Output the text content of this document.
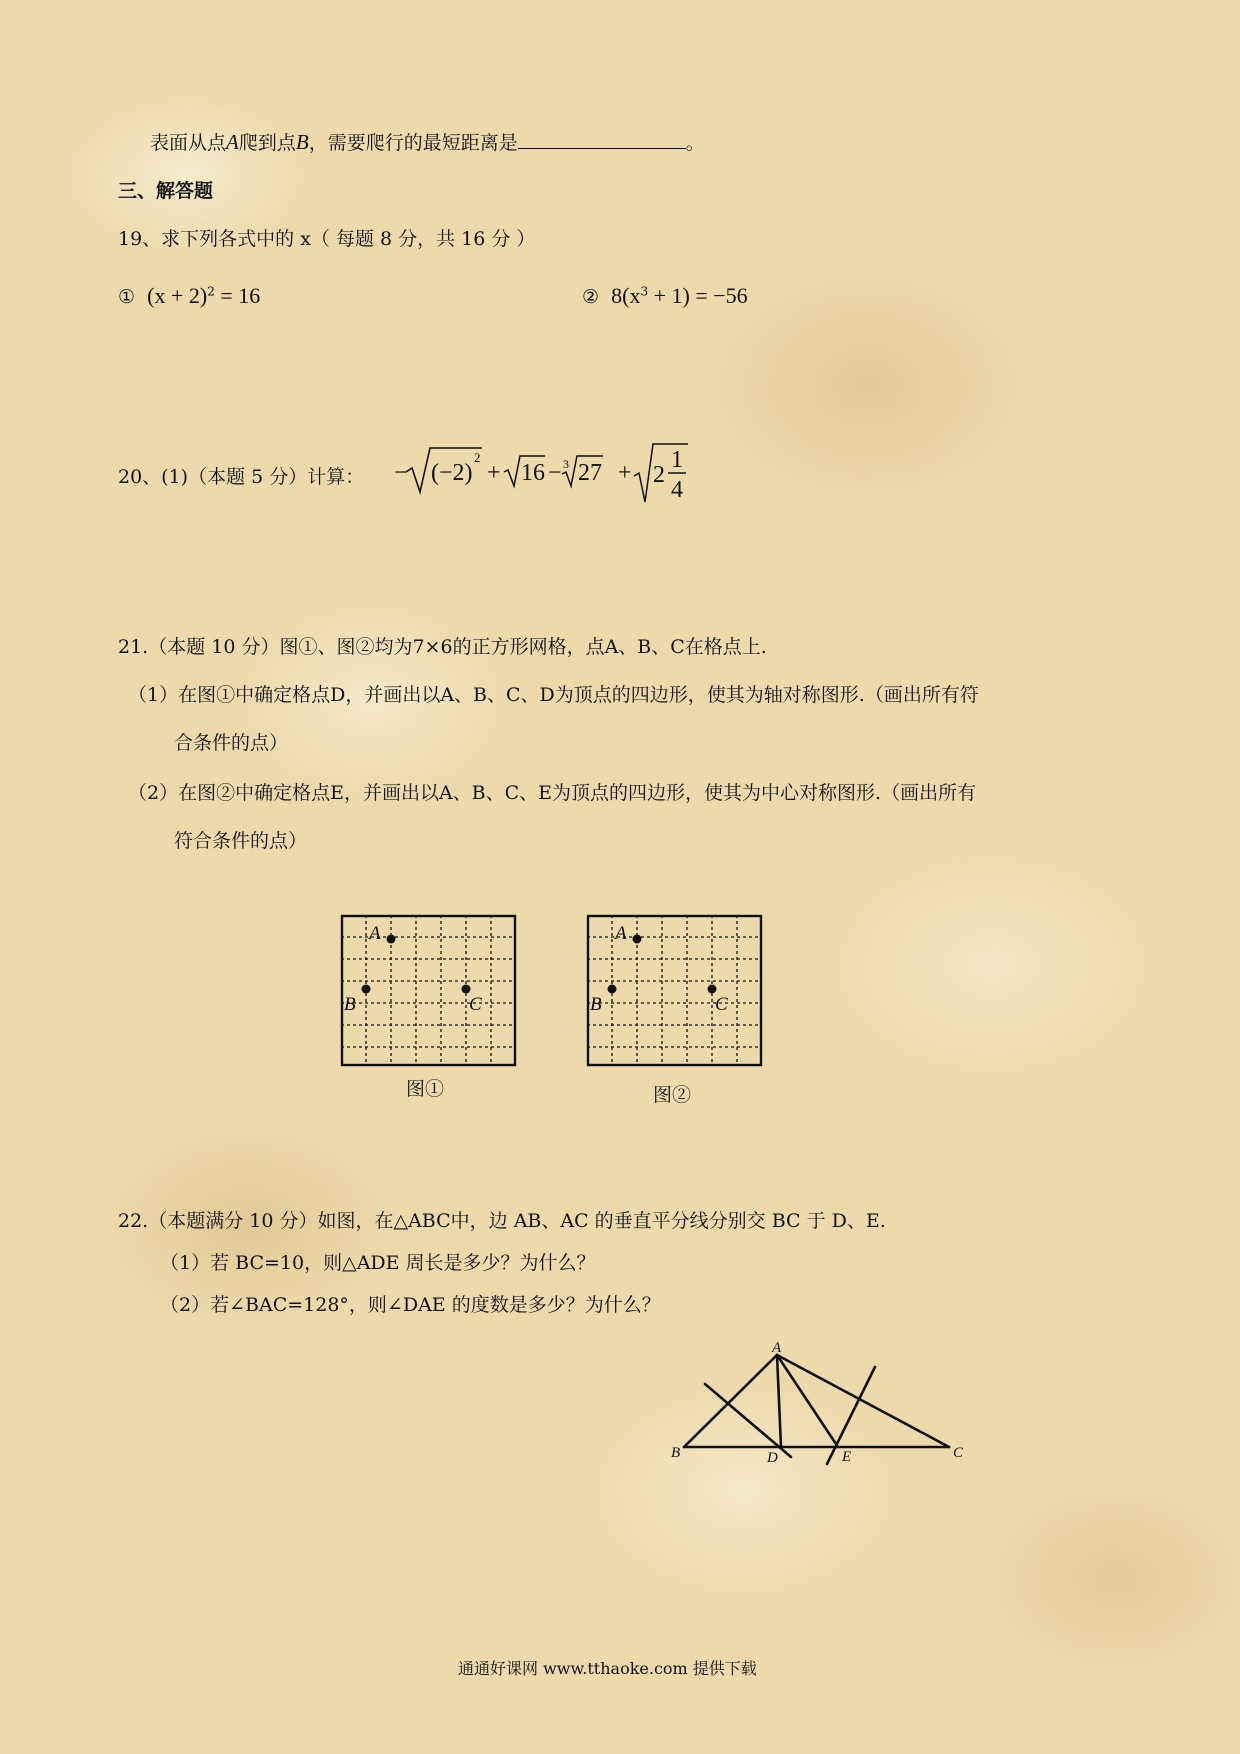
表面从点A爬到点B，需要爬行的最短距离是	。
三、解答题
19、求下列各式中的 x（ 每题 8 分，共 16 分 ）
① $(x + 2)^2 = 16$	② $8(x^3 + 1) = -56$
20、(1)（本题 5 分）计算： − (−2)
2
+ 16 − 3 27 + 2
1
4
21.（本题 10 分）图①、图②均为7×6的正方形网格，点A、B、C在格点上.
（1）在图①中确定格点D，并画出以A、B、C、D为顶点的四边形，使其为轴对称图形.（画出所有符
合条件的点）
（2）在图②中确定格点E，并画出以A、B、C、E为顶点的四边形，使其为中心对称图形.（画出所有
符合条件的点）
A
B	C
图①
A
B	C
图②
22.（本题满分 10 分）如图，在△ABC中，边 AB、AC 的垂直平分线分别交 BC 于 D、E.
（1）若 BC=10，则△ADE 周长是多少？为什么？
（2）若∠BAC=128°，则∠DAE 的度数是多少？为什么？
A
B	C
D	E
通通好课网 www.tthaoke.com 提供下载
